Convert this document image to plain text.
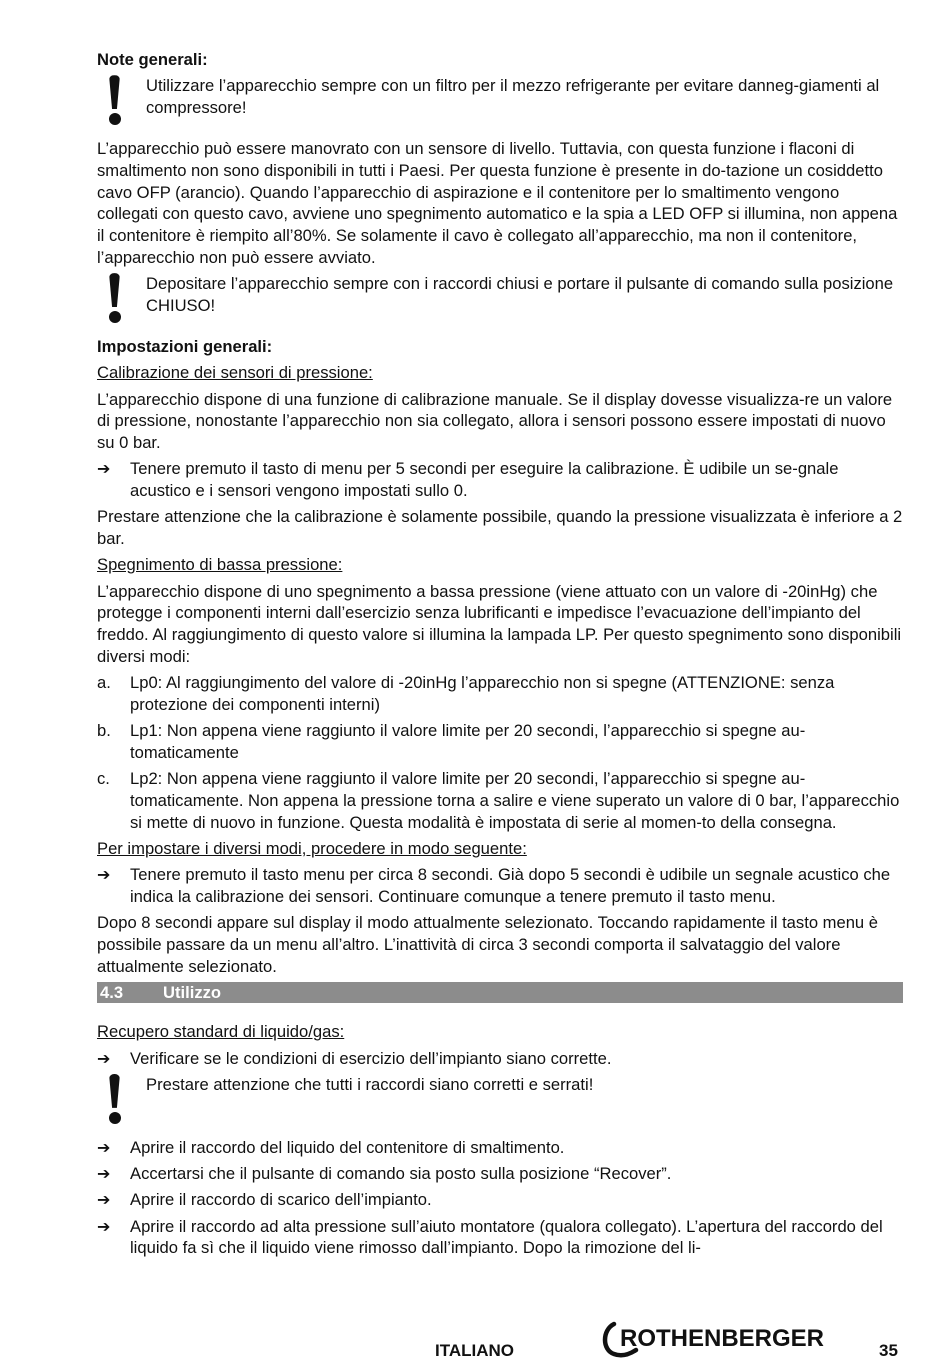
Note generali:
Utilizzare l’apparecchio sempre con un filtro per il mezzo refrigerante per evitare danneg-giamenti al compressore!

L’apparecchio può essere manovrato con un sensore di livello. Tuttavia, con questa funzione i flaconi di smaltimento non sono disponibili in tutti i Paesi. Per questa funzione è presente in do-tazione un cosiddetto cavo OFP (arancio). Quando l’apparecchio di aspirazione e il contenitore per lo smaltimento vengono collegati con questo cavo, avviene uno spegnimento automatico e la spia a LED OFP si illumina, non appena il contenitore è riempito all’80%. Se solamente il cavo è collegato all’apparecchio, ma non il contenitore, l’apparecchio non può essere avviato.

Depositare l’apparecchio sempre con i raccordi chiusi e portare il pulsante di comando sulla posizione CHIUSO!
Impostazioni generali:
Calibrazione dei sensori di pressione:

L’apparecchio dispone di una funzione di calibrazione manuale. Se il display dovesse visualizza-re un valore di pressione, nonostante l’apparecchio non sia collegato, allora i sensori possono essere impostati di nuovo su 0 bar.

➔ Tenere premuto il tasto di menu per 5 secondi per eseguire la calibrazione. È udibile un se-gnale acustico e i sensori vengono impostati sullo 0.

Prestare attenzione che la calibrazione è solamente possibile, quando la pressione visualizzata è inferiore a 2 bar.

Spegnimento di bassa pressione:

L’apparecchio dispone di uno spegnimento a bassa pressione (viene attuato con un valore di -20inHg) che protegge i componenti interni dall’esercizio senza lubrificanti e impedisce l’evacuazione dell’impianto del freddo. Al raggiungimento di questo valore si illumina la lampada LP. Per questo spegnimento sono disponibili diversi modi:

a. Lp0: Al raggiungimento del valore di -20inHg l’apparecchio non si spegne (ATTENZIONE: senza protezione dei componenti interni)
b. Lp1: Non appena viene raggiunto il valore limite per 20 secondi, l’apparecchio si spegne au-tomaticamente
c. Lp2: Non appena viene raggiunto il valore limite per 20 secondi, l’apparecchio si spegne au-tomaticamente. Non appena la pressione torna a salire e viene superato un valore di 0 bar, l’apparecchio si mette di nuovo in funzione. Questa modalità è impostata di serie al momen-to della consegna.
Per impostare i diversi modi, procedere in modo seguente:
➔ Tenere premuto il tasto menu per circa 8 secondi. Già dopo 5 secondi è udibile un segnale acustico che indica la calibrazione dei sensori. Continuare comunque a tenere premuto il tasto menu.

Dopo 8 secondi appare sul display il modo attualmente selezionato. Toccando rapidamente il tasto menu è possibile passare da un menu all’altro. L’inattività di circa 3 secondi comporta il salvataggio del valore attualmente selezionato.

4.3 Utilizzo
Recupero standard di liquido/gas:
➔ Verificare se le condizioni di esercizio dell’impianto siano corrette.
Prestare attenzione che tutti i raccordi siano corretti e serrati!
➔ Aprire il raccordo del liquido del contenitore di smaltimento.
➔ Accertarsi che il pulsante di comando sia posto sulla posizione “Recover”.
➔ Aprire il raccordo di scarico dell’impianto.
➔ Aprire il raccordo ad alta pressione sull’aiuto montatore (qualora collegato). L’apertura del raccordo del liquido fa sì che il liquido viene rimosso dall’impianto. Dopo la rimozione del li-
ITALIANO	ROTHENBERGER	35
